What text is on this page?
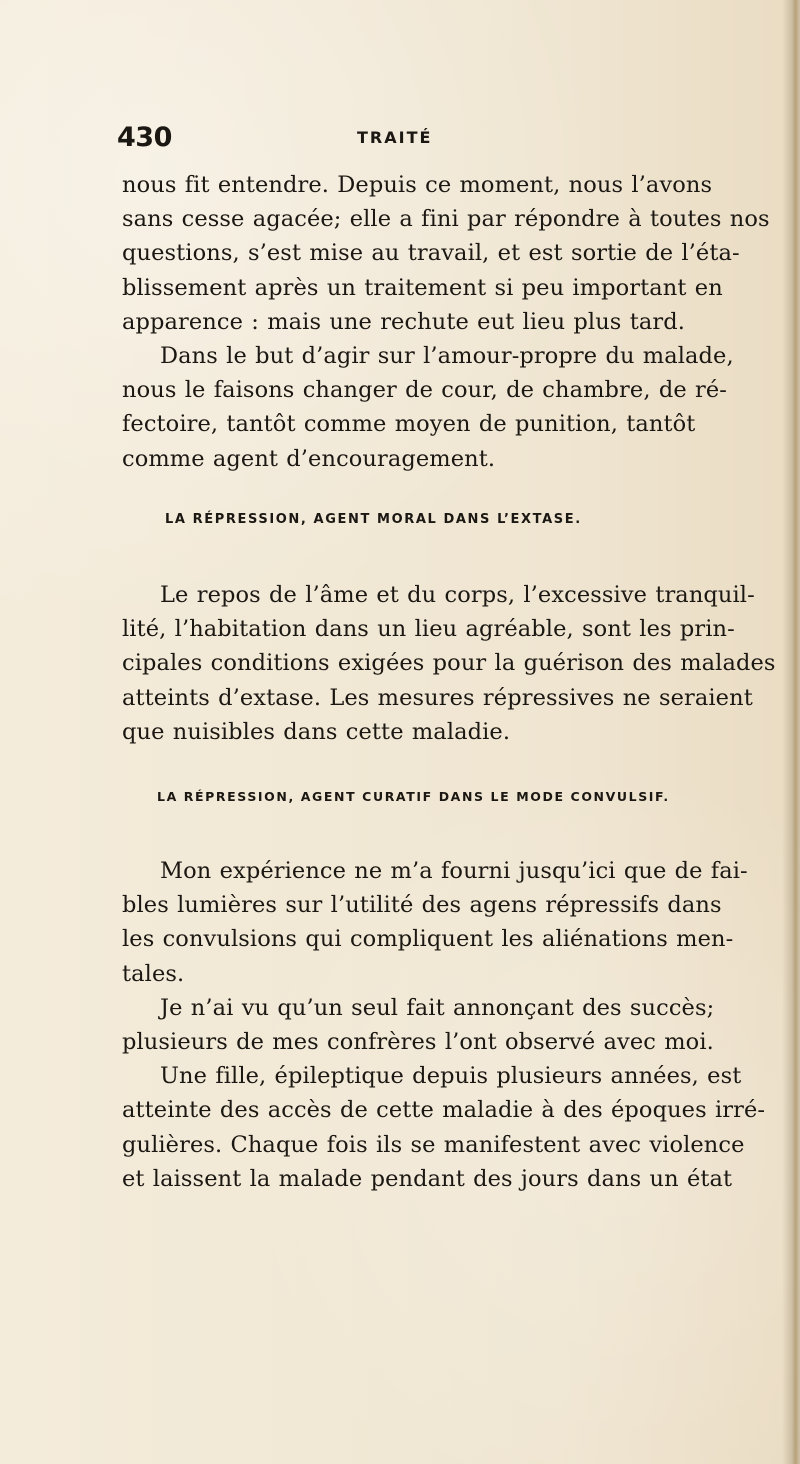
430	TRAITÉ
nous fit entendre. Depuis ce moment, nous l’avons
sans cesse agacée; elle a fini par répondre à toutes nos
questions, s’est mise au travail, et est sortie de l’éta-
blissement après un traitement si peu important en
apparence : mais une rechute eut lieu plus tard.
Dans le but d’agir sur l’amour-propre du malade,
nous le faisons changer de cour, de chambre, de ré-
fectoire, tantôt comme moyen de punition, tantôt
comme agent d’encouragement.
LA RÉPRESSION, AGENT MORAL DANS L’EXTASE.
Le repos de l’âme et du corps, l’excessive tranquil-
lité, l’habitation dans un lieu agréable, sont les prin-
cipales conditions exigées pour la guérison des malades
atteints d’extase. Les mesures répressives ne seraient
que nuisibles dans cette maladie.
LA RÉPRESSION, AGENT CURATIF DANS LE MODE CONVULSIF.
Mon expérience ne m’a fourni jusqu’ici que de fai-
bles lumières sur l’utilité des agens répressifs dans
les convulsions qui compliquent les aliénations men-
tales.
Je n’ai vu qu’un seul fait annonçant des succès;
plusieurs de mes confrères l’ont observé avec moi.
Une fille, épileptique depuis plusieurs années, est
atteinte des accès de cette maladie à des époques irré-
gulières. Chaque fois ils se manifestent avec violence
et laissent la malade pendant des jours dans un état
